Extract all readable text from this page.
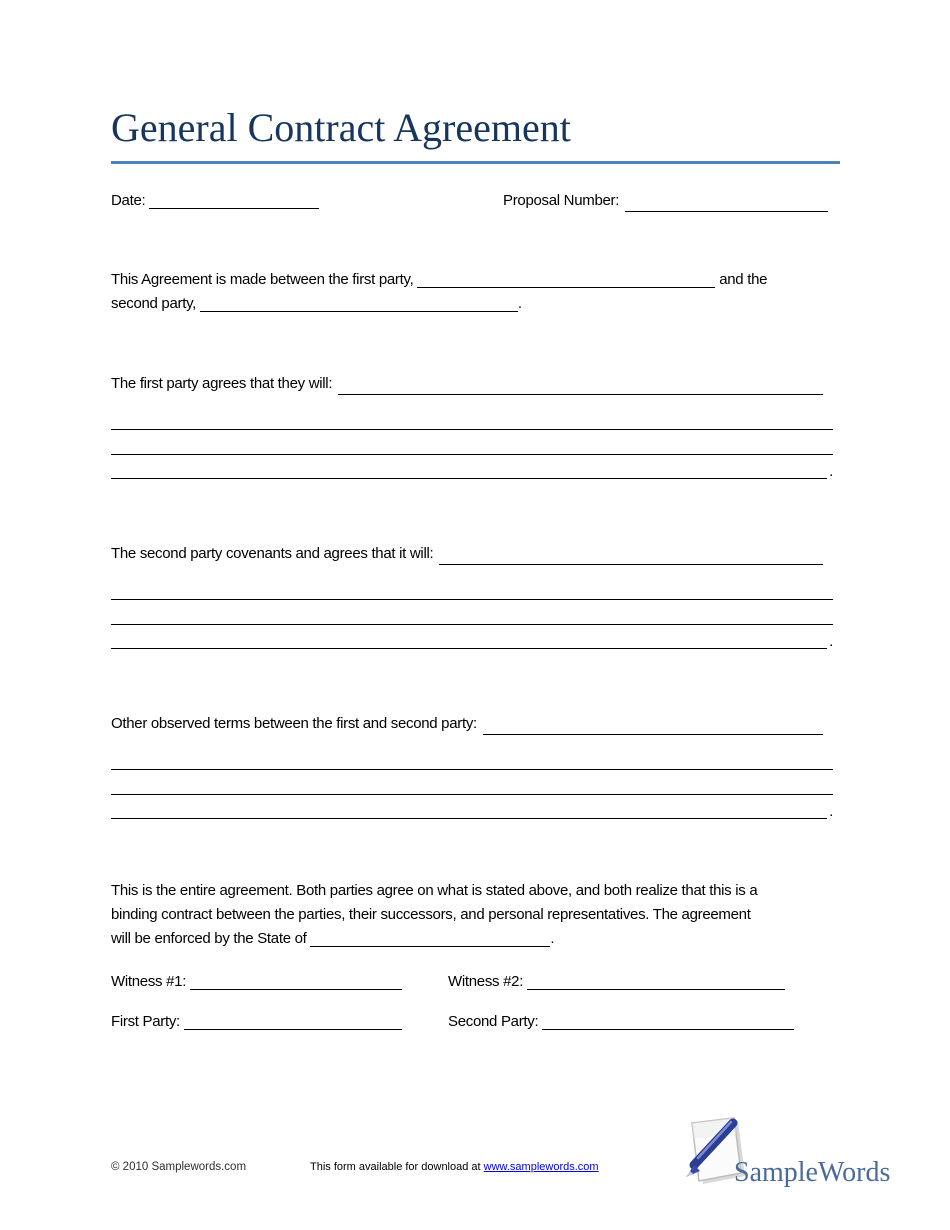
General Contract Agreement
Date:	Proposal Number:
This Agreement is made between the first party,	and the
second party,	.
The first party agrees that they will:
.
The second party covenants and agrees that it will:
.
Other observed terms between the first and second party:
.
This is the entire agreement. Both parties agree on what is stated above, and both realize that this is a
binding contract between the parties, their successors, and personal representatives. The agreement
will be enforced by the State of	.
Witness #1:	Witness #2:
First Party:	Second Party:
© 2010 Samplewords.com	This form available for download at www.samplewords.com	SampleWords
